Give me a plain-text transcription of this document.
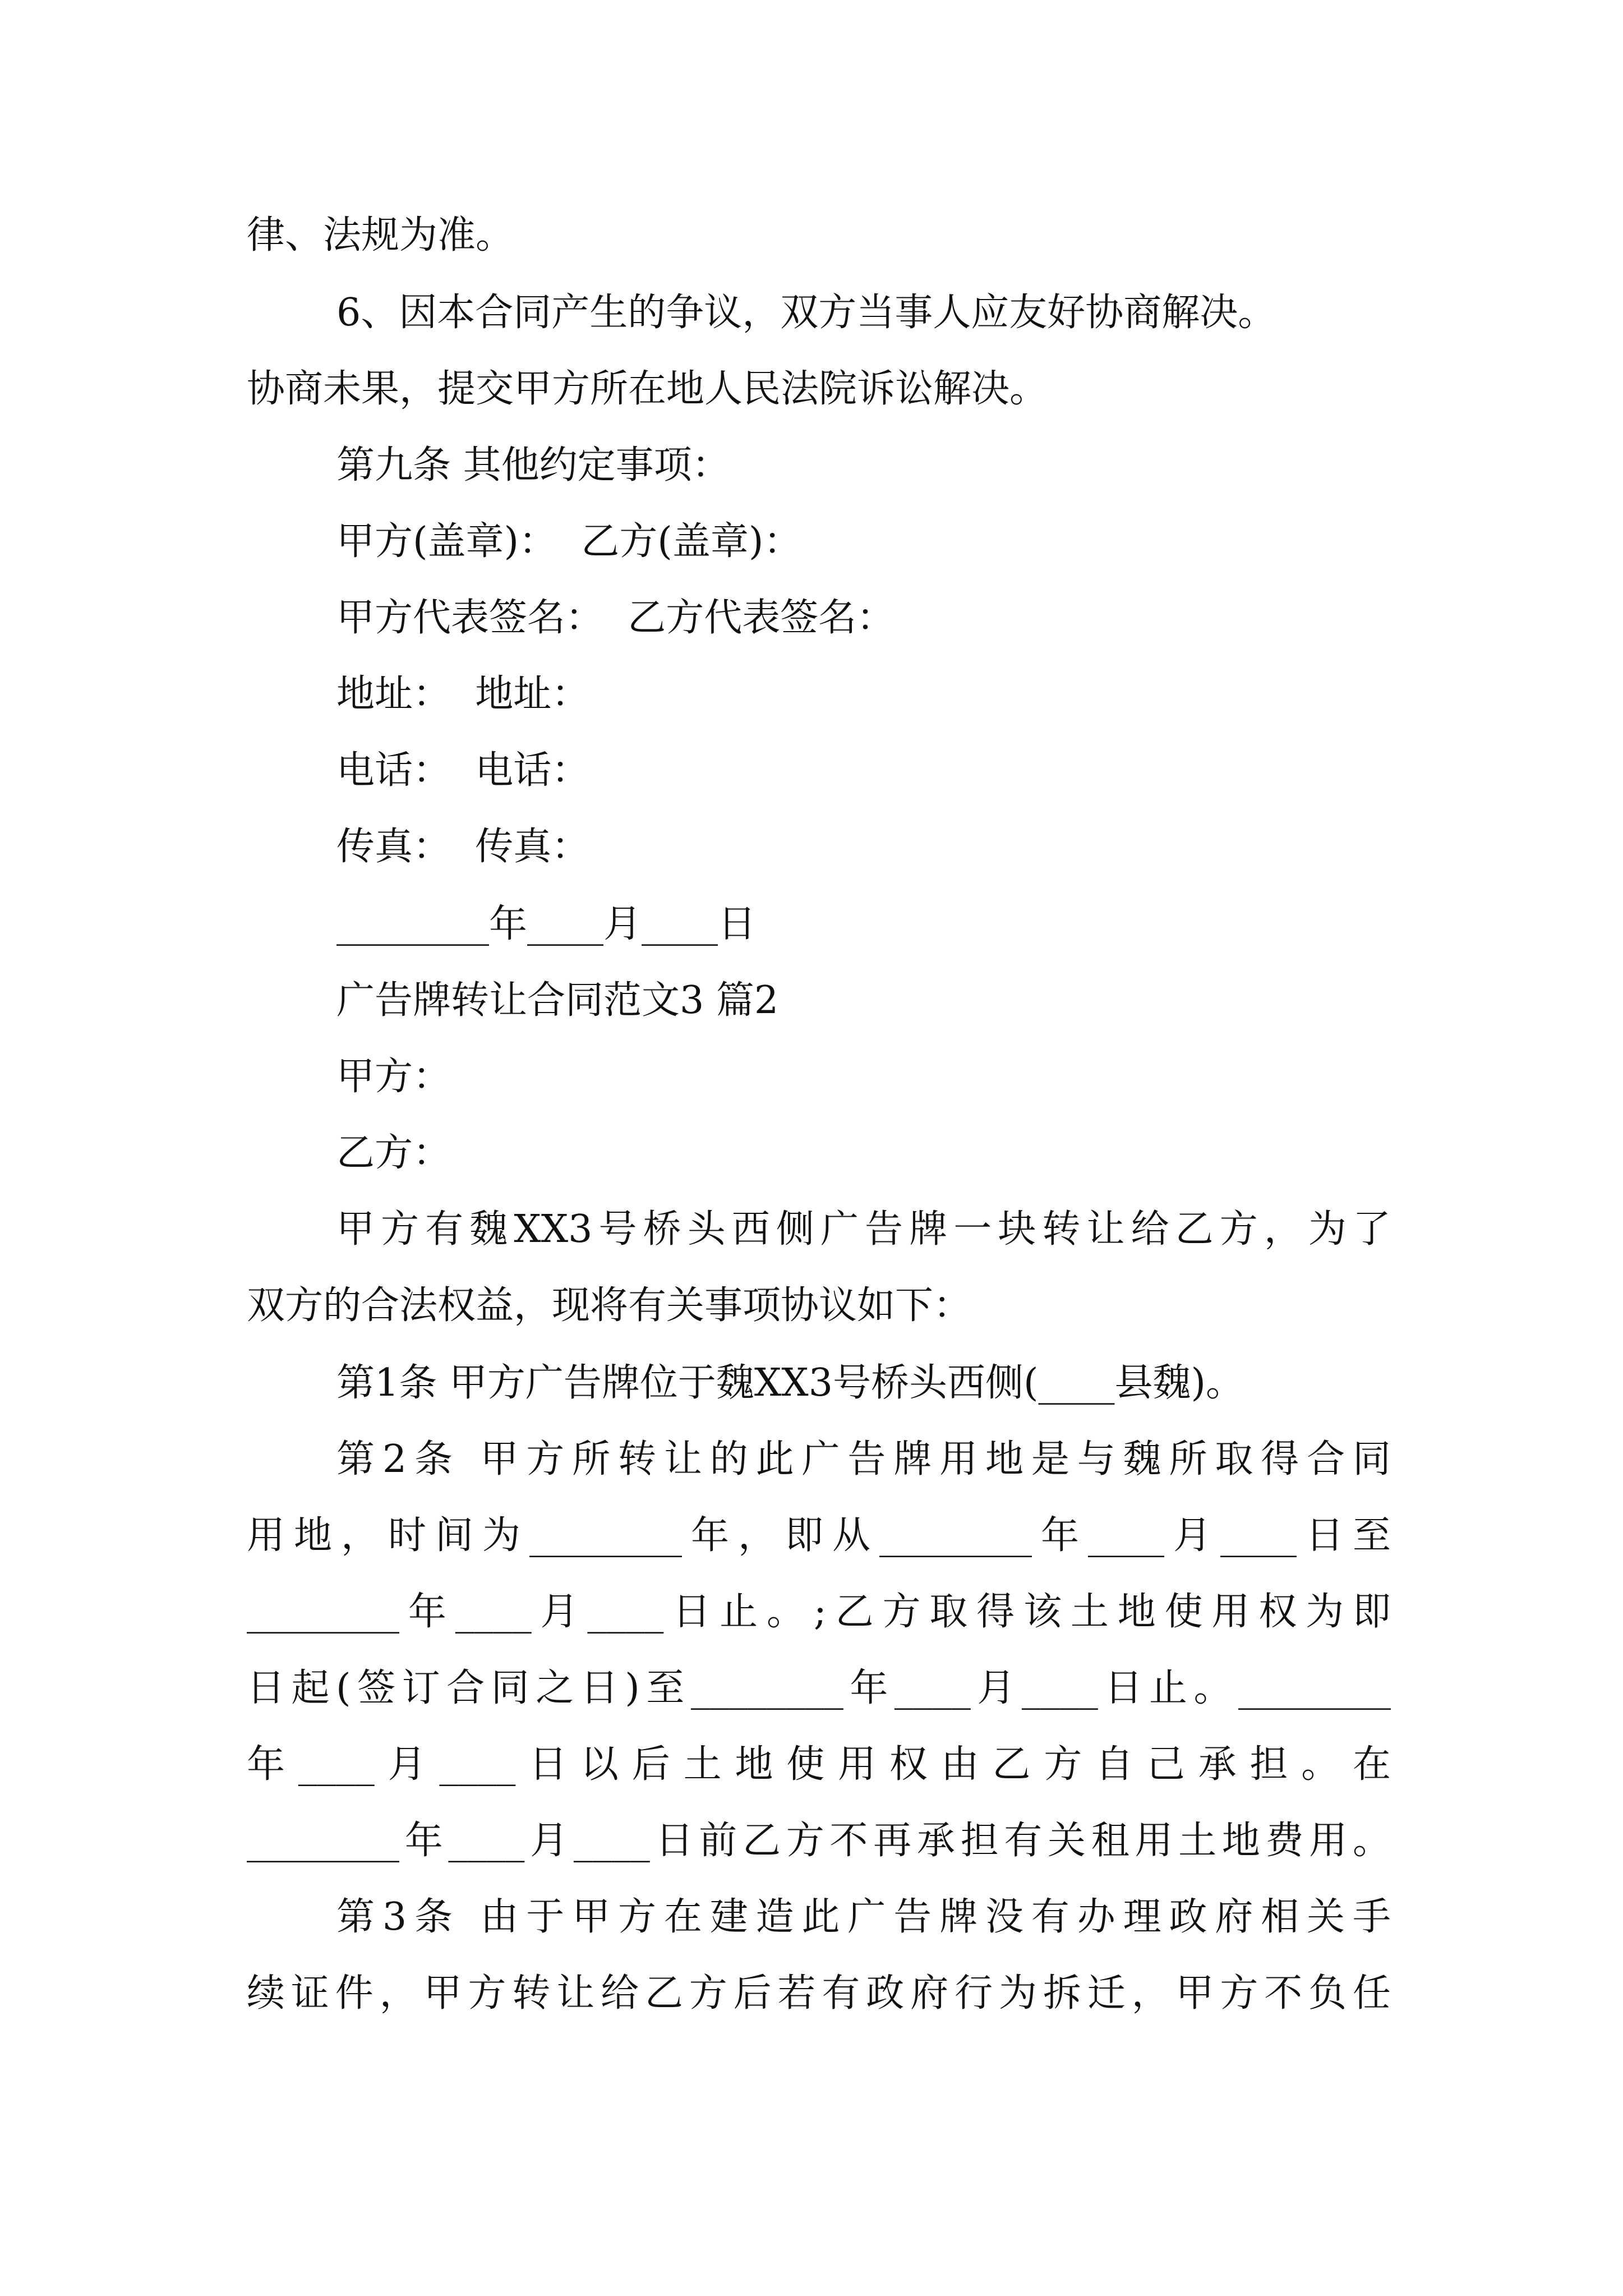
律、法规为准。
6、因本合同产生的争议，双方当事人应友好协商解决。
协商未果，提交甲方所在地人民法院诉讼解决。
第九条 其他约定事项：
甲方(盖章)：  乙方(盖章)：
甲方代表签名：  乙方代表签名：
地址：  地址：
电话：  电话：
传真：  传真：
________年____月____日
广告牌转让合同范文3 篇2
甲方：
乙方：
甲方有魏XX3号桥头西侧广告牌一块转让给乙方，为了
双方的合法权益，现将有关事项协议如下：
第1条 甲方广告牌位于魏XX3号桥头西侧(____县魏)。
第2条 甲方所转让的此广告牌用地是与魏所取得合同
用地，时间为________年，即从________年____月____日至
________年____月____日止。;乙方取得该土地使用权为即
日起(签订合同之日)至________年____月____日止。________
年____月____日以后土地使用权由乙方自己承担。在
________年____月____日前乙方不再承担有关租用土地费用。
第3条 由于甲方在建造此广告牌没有办理政府相关手
续证件，甲方转让给乙方后若有政府行为拆迁，甲方不负任
